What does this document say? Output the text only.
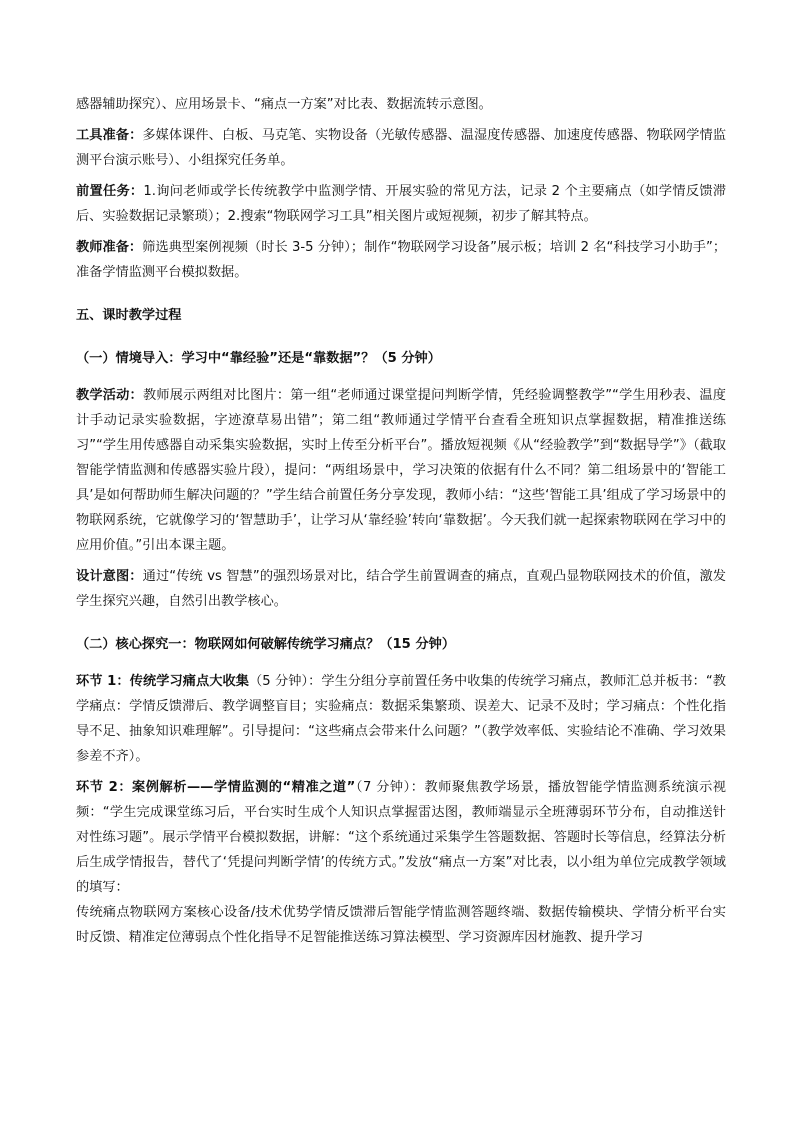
感器辅助探究）、应用场景卡、“痛点一方案”对比表、数据流转示意图。

工具准备：多媒体课件、白板、马克笔、实物设备（光敏传感器、温湿度传感器、加速度传感器、物联网学情监测平台演示账号）、小组探究任务单。

前置任务：1.询问老师或学长传统教学中监测学情、开展实验的常见方法，记录 2 个主要痛点（如学情反馈滞后、实验数据记录繁琐）；2.搜索“物联网学习工具”相关图片或短视频，初步了解其特点。

教师准备：筛选典型案例视频（时长 3-5 分钟）；制作“物联网学习设备”展示板；培训 2 名“科技学习小助手”；准备学情监测平台模拟数据。

五、课时教学过程

（一）情境导入：学习中“靠经验”还是“靠数据”？（5 分钟）

教学活动：教师展示两组对比图片：第一组“老师通过课堂提问判断学情，凭经验调整教学”“学生用秒表、温度计手动记录实验数据，字迹潦草易出错”；第二组“教师通过学情平台查看全班知识点掌握数据，精准推送练习”“学生用传感器自动采集实验数据，实时上传至分析平台”。播放短视频《从“经验教学”到“数据导学”》（截取智能学情监测和传感器实验片段），提问：“两组场景中，学习决策的依据有什么不同？第二组场景中的‘智能工具’是如何帮助师生解决问题的？”学生结合前置任务分享发现，教师小结：“这些‘智能工具’组成了学习场景中的物联网系统，它就像学习的‘智慧助手’，让学习从‘靠经验’转向‘靠数据’。今天我们就一起探索物联网在学习中的应用价值。”引出本课主题。

设计意图：通过“传统 vs 智慧”的强烈场景对比，结合学生前置调查的痛点，直观凸显物联网技术的价值，激发学生探究兴趣，自然引出教学核心。

（二）核心探究一：物联网如何破解传统学习痛点？（15 分钟）

环节 1：传统学习痛点大收集（5 分钟）：学生分组分享前置任务中收集的传统学习痛点，教师汇总并板书：“教学痛点：学情反馈滞后、教学调整盲目；实验痛点：数据采集繁琐、误差大、记录不及时；学习痛点：个性化指导不足、抽象知识难理解”。引导提问：“这些痛点会带来什么问题？”（教学效率低、实验结论不准确、学习效果参差不齐）。

环节 2：案例解析——学情监测的“精准之道”（7 分钟）：教师聚焦教学场景，播放智能学情监测系统演示视频：“学生完成课堂练习后，平台实时生成个人知识点掌握雷达图，教师端显示全班薄弱环节分布，自动推送针对性练习题”。展示学情平台模拟数据，讲解：“这个系统通过采集学生答题数据、答题时长等信息，经算法分析后生成学情报告，替代了‘凭提问判断学情’的传统方式。”发放“痛点一方案”对比表，以小组为单位完成教学领域的填写：

传统痛点物联网方案核心设备/技术优势学情反馈滞后智能学情监测答题终端、数据传输模块、学情分析平台实时反馈、精准定位薄弱点个性化指导不足智能推送练习算法模型、学习资源库因材施教、提升学习
